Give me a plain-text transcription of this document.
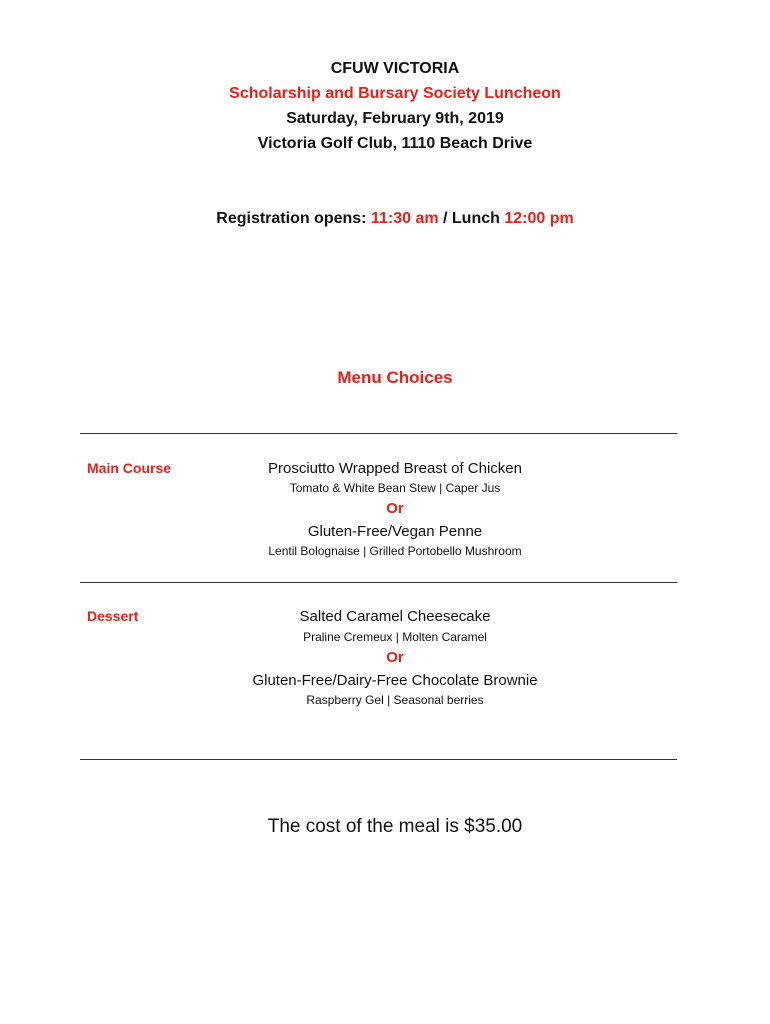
CFUW VICTORIA
Scholarship and Bursary Society Luncheon
Saturday, February 9th, 2019
Victoria Golf Club, 1110 Beach Drive
Registration opens: 11:30 am / Lunch 12:00 pm
Menu Choices
Main Course	Prosciutto Wrapped Breast of Chicken
Tomato & White Bean Stew | Caper Jus
Or
Gluten-Free/Vegan Penne
Lentil Bolognaise | Grilled Portobello Mushroom
Dessert	Salted Caramel Cheesecake
Praline Cremeux | Molten Caramel
Or
Gluten-Free/Dairy-Free Chocolate Brownie
Raspberry Gel | Seasonal berries
The cost of the meal is $35.00
